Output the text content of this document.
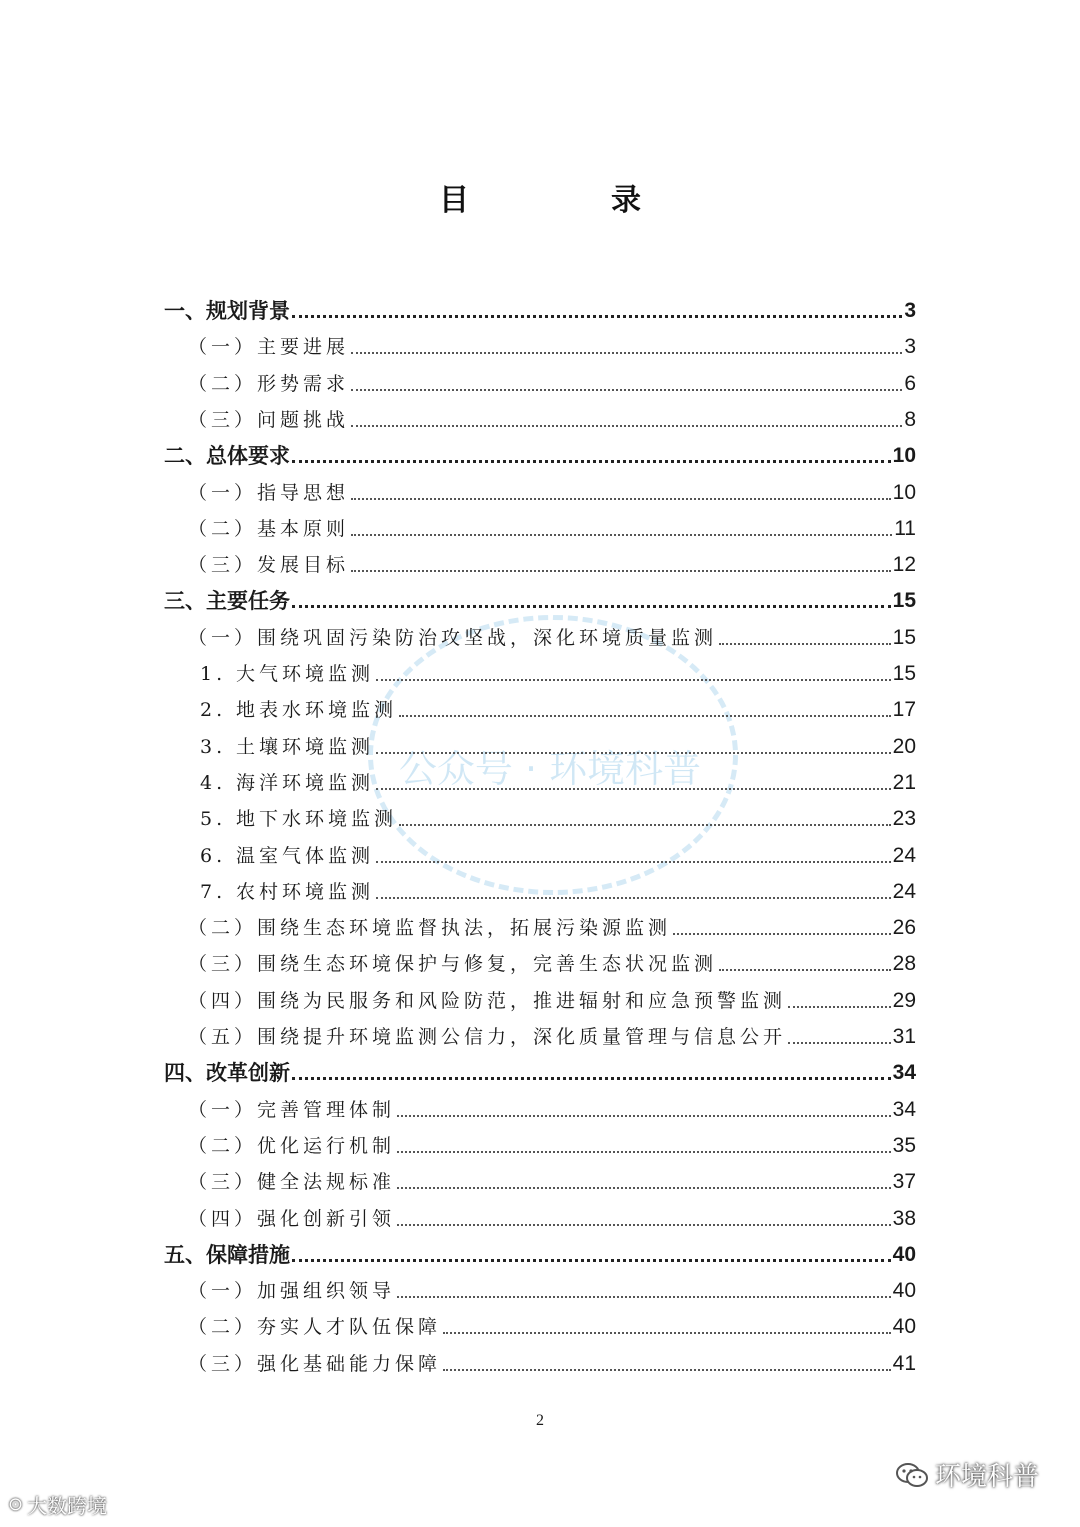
目　录
公众号 · 环境科普
一、规划背景	3
（一）主要进展	3
（二）形势需求	6
（三）问题挑战	8
二、总体要求	10
（一）指导思想	10
（二）基本原则	11
（三）发展目标	12
三、主要任务	15
（一）围绕巩固污染防治攻坚战，深化环境质量监测	15
1. 大气环境监测	15
2. 地表水环境监测	17
3. 土壤环境监测	20
4. 海洋环境监测	21
5. 地下水环境监测	23
6. 温室气体监测	24
7. 农村环境监测	24
（二）围绕生态环境监督执法，拓展污染源监测	26
（三）围绕生态环境保护与修复，完善生态状况监测	28
（四）围绕为民服务和风险防范，推进辐射和应急预警监测	29
（五）围绕提升环境监测公信力，深化质量管理与信息公开	31
四、改革创新	34
（一）完善管理体制	34
（二）优化运行机制	35
（三）健全法规标准	37
（四）强化创新引领	38
五、保障措施	40
（一）加强组织领导	40
（二）夯实人才队伍保障	40
（三）强化基础能力保障	41
2
⊙ 大数跨境
环境科普
